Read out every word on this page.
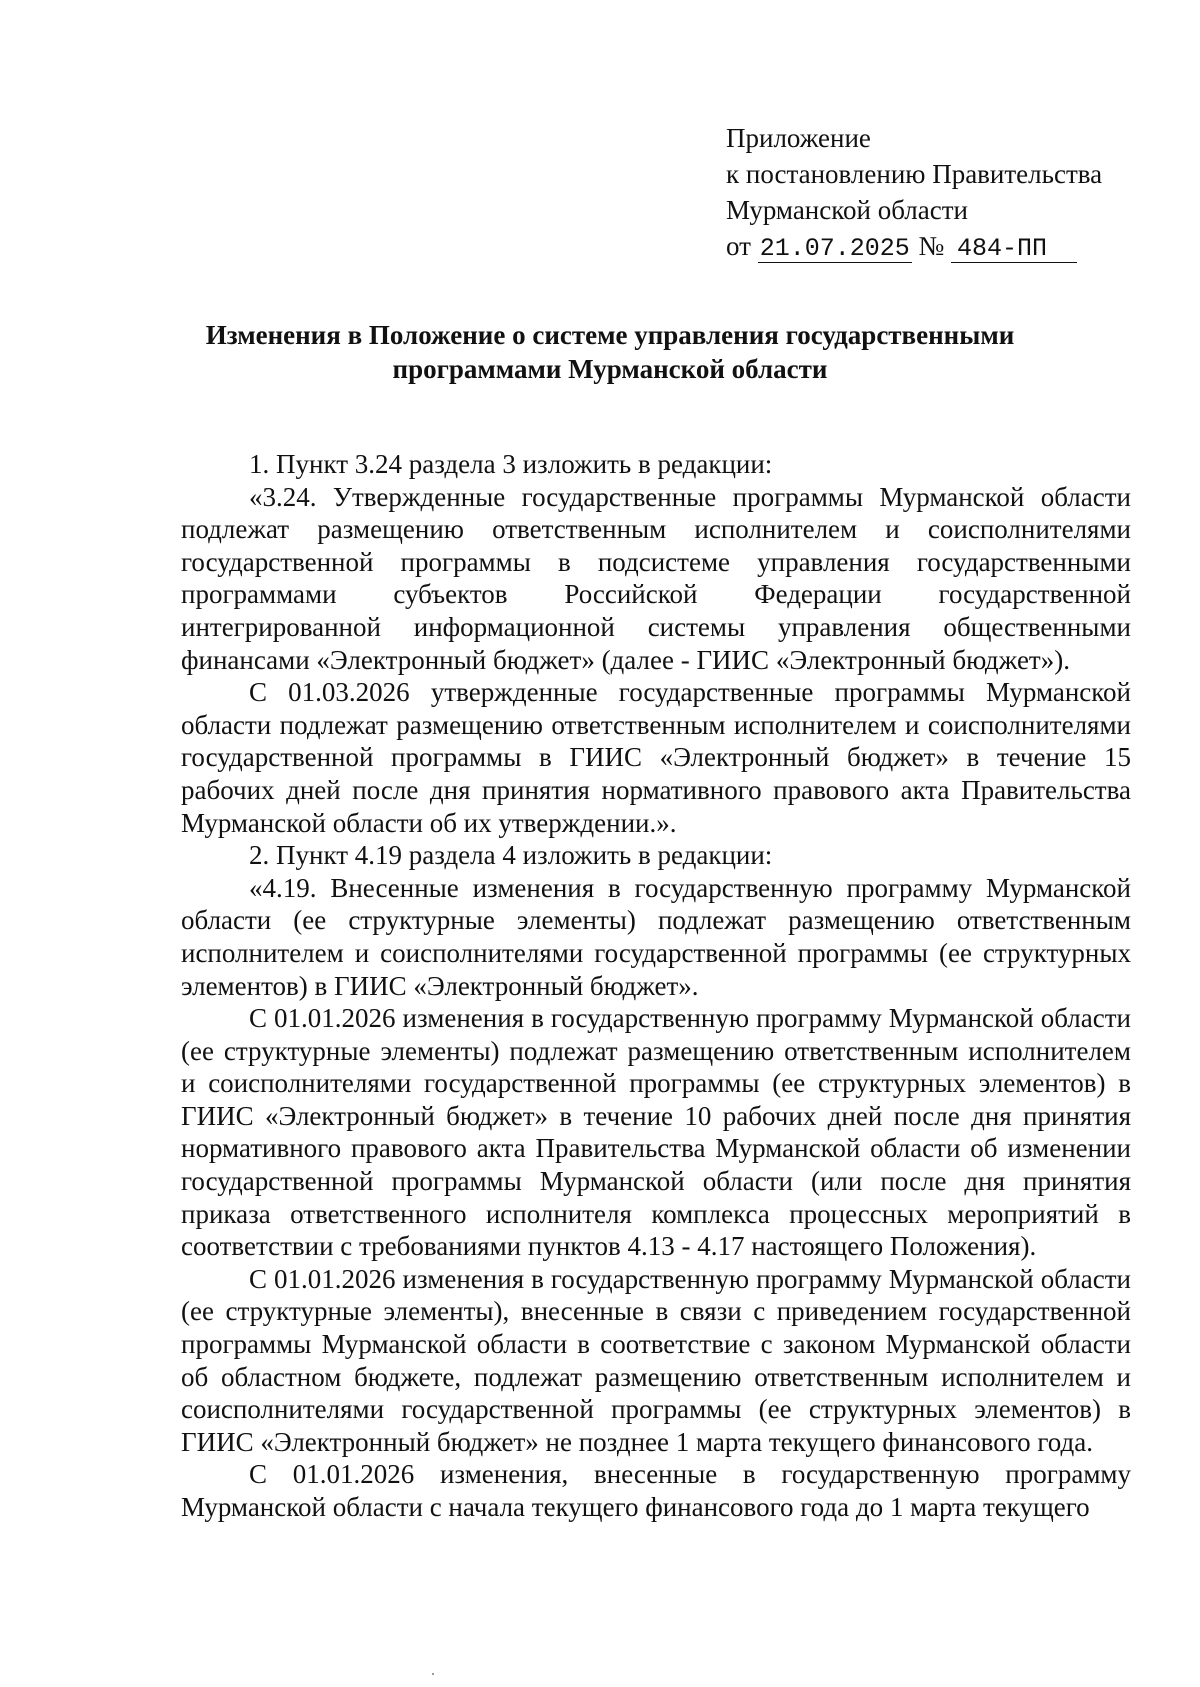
Приложение
к постановлению Правительства
Мурманской области
от 21.07.2025 № 484-ПП
Изменения в Положение о системе управления государственными
программами Мурманской области

1. Пункт 3.24 раздела 3 изложить в редакции:

«3.24. Утвержденные государственные программы Мурманской области подлежат размещению ответственным исполнителем и соисполнителями государственной программы в подсистеме управления государственными программами субъектов Российской Федерации государственной интегрированной информационной системы управления общественными финансами «Электронный бюджет» (далее - ГИИС «Электронный бюджет»).

С 01.03.2026 утвержденные государственные программы Мурманской области подлежат размещению ответственным исполнителем и соисполнителями государственной программы в ГИИС «Электронный бюджет» в течение 15 рабочих дней после дня принятия нормативного правового акта Правительства Мурманской области об их утверждении.».

2. Пункт 4.19 раздела 4 изложить в редакции:

«4.19. Внесенные изменения в государственную программу Мурманской области (ее структурные элементы) подлежат размещению ответственным исполнителем и соисполнителями государственной программы (ее структурных элементов) в ГИИС «Электронный бюджет».

С 01.01.2026 изменения в государственную программу Мурманской области (ее структурные элементы) подлежат размещению ответственным исполнителем и соисполнителями государственной программы (ее структурных элементов) в ГИИС «Электронный бюджет» в течение 10 рабочих дней после дня принятия нормативного правового акта Правительства Мурманской области об изменении государственной программы Мурманской области (или после дня принятия приказа ответственного исполнителя комплекса процессных мероприятий в соответствии с требованиями пунктов 4.13 - 4.17 настоящего Положения).

С 01.01.2026 изменения в государственную программу Мурманской области (ее структурные элементы), внесенные в связи с приведением государственной программы Мурманской области в соответствие с законом Мурманской области об областном бюджете, подлежат размещению ответственным исполнителем и соисполнителями государственной программы (ее структурных элементов) в ГИИС «Электронный бюджет» не позднее 1 марта текущего финансового года.

С 01.01.2026 изменения, внесенные в государственную программу Мурманской области с начала текущего финансового года до 1 марта текущего
